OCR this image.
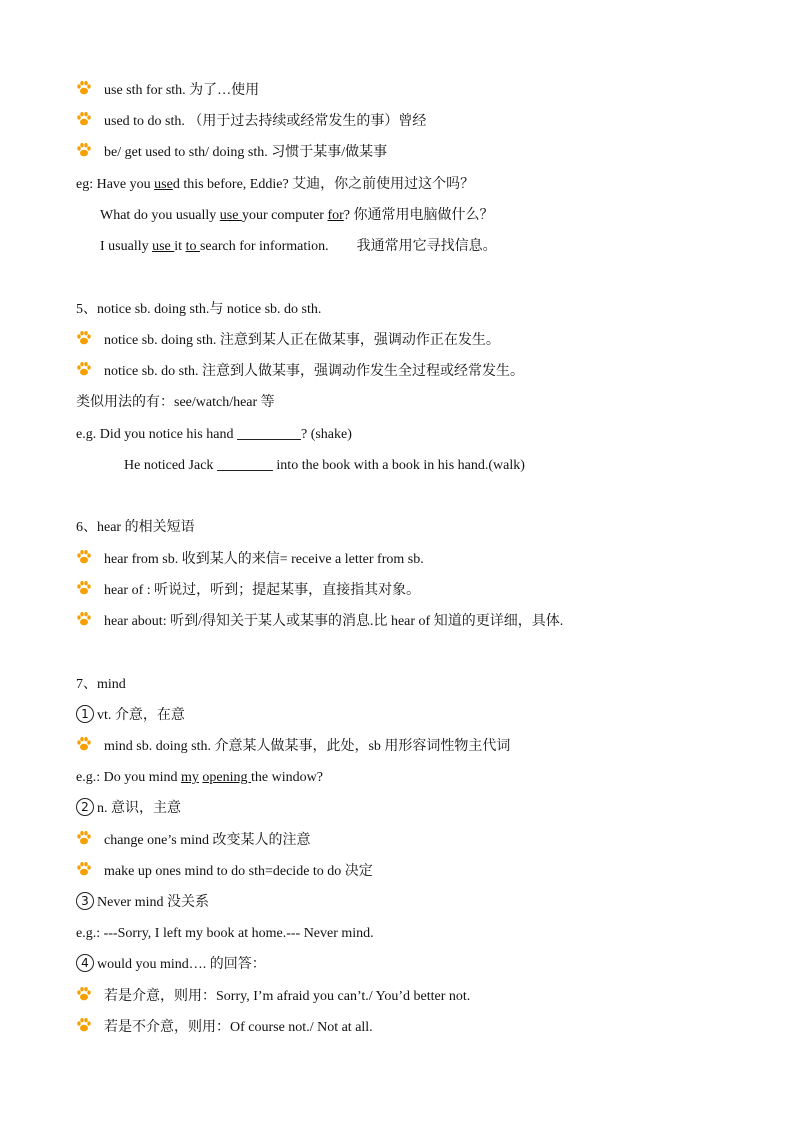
use sth for sth. 为了…使用
used to do sth. （用于过去持续或经常发生的事）曾经
be/ get used to sth/ doing sth. 习惯于某事/做某事
eg: Have you used this before, Eddie? 艾迪，你之前使用过这个吗？
What do you usually use your computer for? 你通常用电脑做什么？
I usually use it to search for information. 我通常用它寻找信息。
5、notice sb. doing sth.与 notice sb. do sth.
notice sb. doing sth. 注意到某人正在做某事，强调动作正在发生。
notice sb. do sth. 注意到人做某事，强调动作发生全过程或经常发生。
类似用法的有：see/watch/hear 等
e.g. Did you notice his hand	? (shake)
He noticed Jack	into the book with a book in his hand.(walk)
6、hear 的相关短语
hear from sb. 收到某人的来信= receive a letter from sb.
hear of : 听说过，听到；提起某事，直接指其对象。
hear about: 听到/得知关于某人或某事的消息.比 hear of 知道的更详细，具体.
7、mind
1 vt. 介意，在意
mind sb. doing sth. 介意某人做某事，此处，sb 用形容词性物主代词
e.g.: Do you mind my opening the window?
2 n. 意识，主意
change one’s mind 改变某人的注意
make up ones mind to do sth=decide to do 决定
3 Never mind 没关系
e.g.: ---Sorry, I left my book at home.--- Never mind.
4 would you mind…. 的回答：
若是介意，则用：Sorry, I’m afraid you can’t./ You’d better not.
若是不介意，则用：Of course not./ Not at all.
